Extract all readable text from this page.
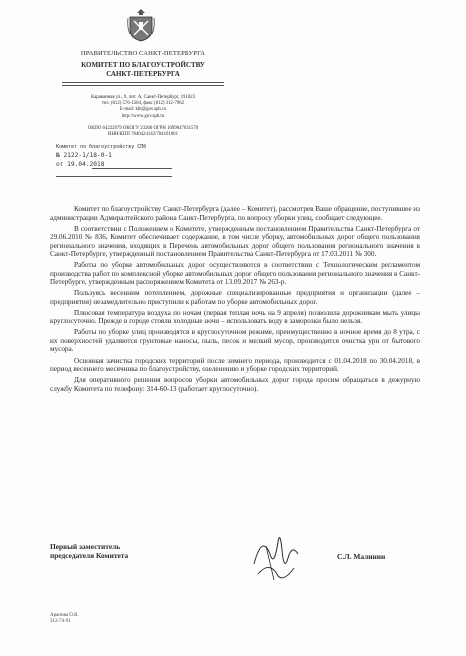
ПРАВИТЕЛЬСТВО САНКТ-ПЕТЕРБУРГА
КОМИТЕТ ПО БЛАГОУСТРОЙСТВУ
САНКТ-ПЕТЕРБУРГА
Караванная ул., 9, лит. А, Санкт-Петербург, 191023
тел. (812) 576-1204, факс (812) 312-7962
E-mail: kbt@gov.spb.ru
http://www.gov.spb.ru
ОКПО 64222979 ОКОГУ 23260 ОГРН 1099847031570
ИНН/КПП 7840424142/784101001
Комитет по благоустройству СПб
№ 2122-1/18-0-1
от 19.04.2018

Комитет по благоустройству Санкт-Петербурга (далее – Комитет), рассмотрев Ваше обращение, поступившее из администрации Адмиралтейского района Санкт-Петербурга, по вопросу уборки улиц, сообщает следующее.

В соответствии с Положением о Комитете, утвержденным постановлением Правительства Санкт-Петербурга от 29.06.2010 № 836, Комитет обеспечивает содержание, в том числе уборку, автомобильных дорог общего пользования регионального значения, входящих в Перечень автомобильных дорог общего пользования регионального значения в Санкт-Петербурге, утвержденный постановлением Правительства Санкт-Петербурга от 17.03.2011 № 300.

Работы по уборке автомобильных дорог осуществляются в соответствии с Технологическим регламентом производства работ по комплексной уборке автомобильных дорог общего пользования регионального значения в Санкт-Петербурге, утвержденным распоряжением Комитета от 13.09.2017 № 263-р.

Пользуясь весенним потеплением, дорожные специализированные предприятия и организации (далее – предприятия) незамедлительно приступили к работам по уборке автомобильных дорог.

Плюсовая температура воздуха по ночам (первая теплая ночь на 9 апреля) позволила дорожникам мыть улицы круглосуточно. Прежде в городе стояли холодные ночи – использовать воду в заморозки было нельзя.

Работы по уборке улиц производятся в круглосуточном режиме, преимущественно в ночное время до 8 утра, с их поверхностей удаляются грунтовые наносы, пыль, песок и мелкий мусор, производится очистка урн от бытового мусора.

Основная зачистка городских территорий после зимнего периода, производится с 01.04.2018 по 30.04.2018, в период весеннего месячника по благоустройству, озеленению и уборке городских территорий.

Для оперативного решения вопросов уборки автомобильных дорог города просим обращаться в дежурную службу Комитета по телефону: 314-60-13 (работает круглосуточно).

Первый заместитель
председателя Комитета	С.Л. Малинин
Арапова О.В.
312-74-91
